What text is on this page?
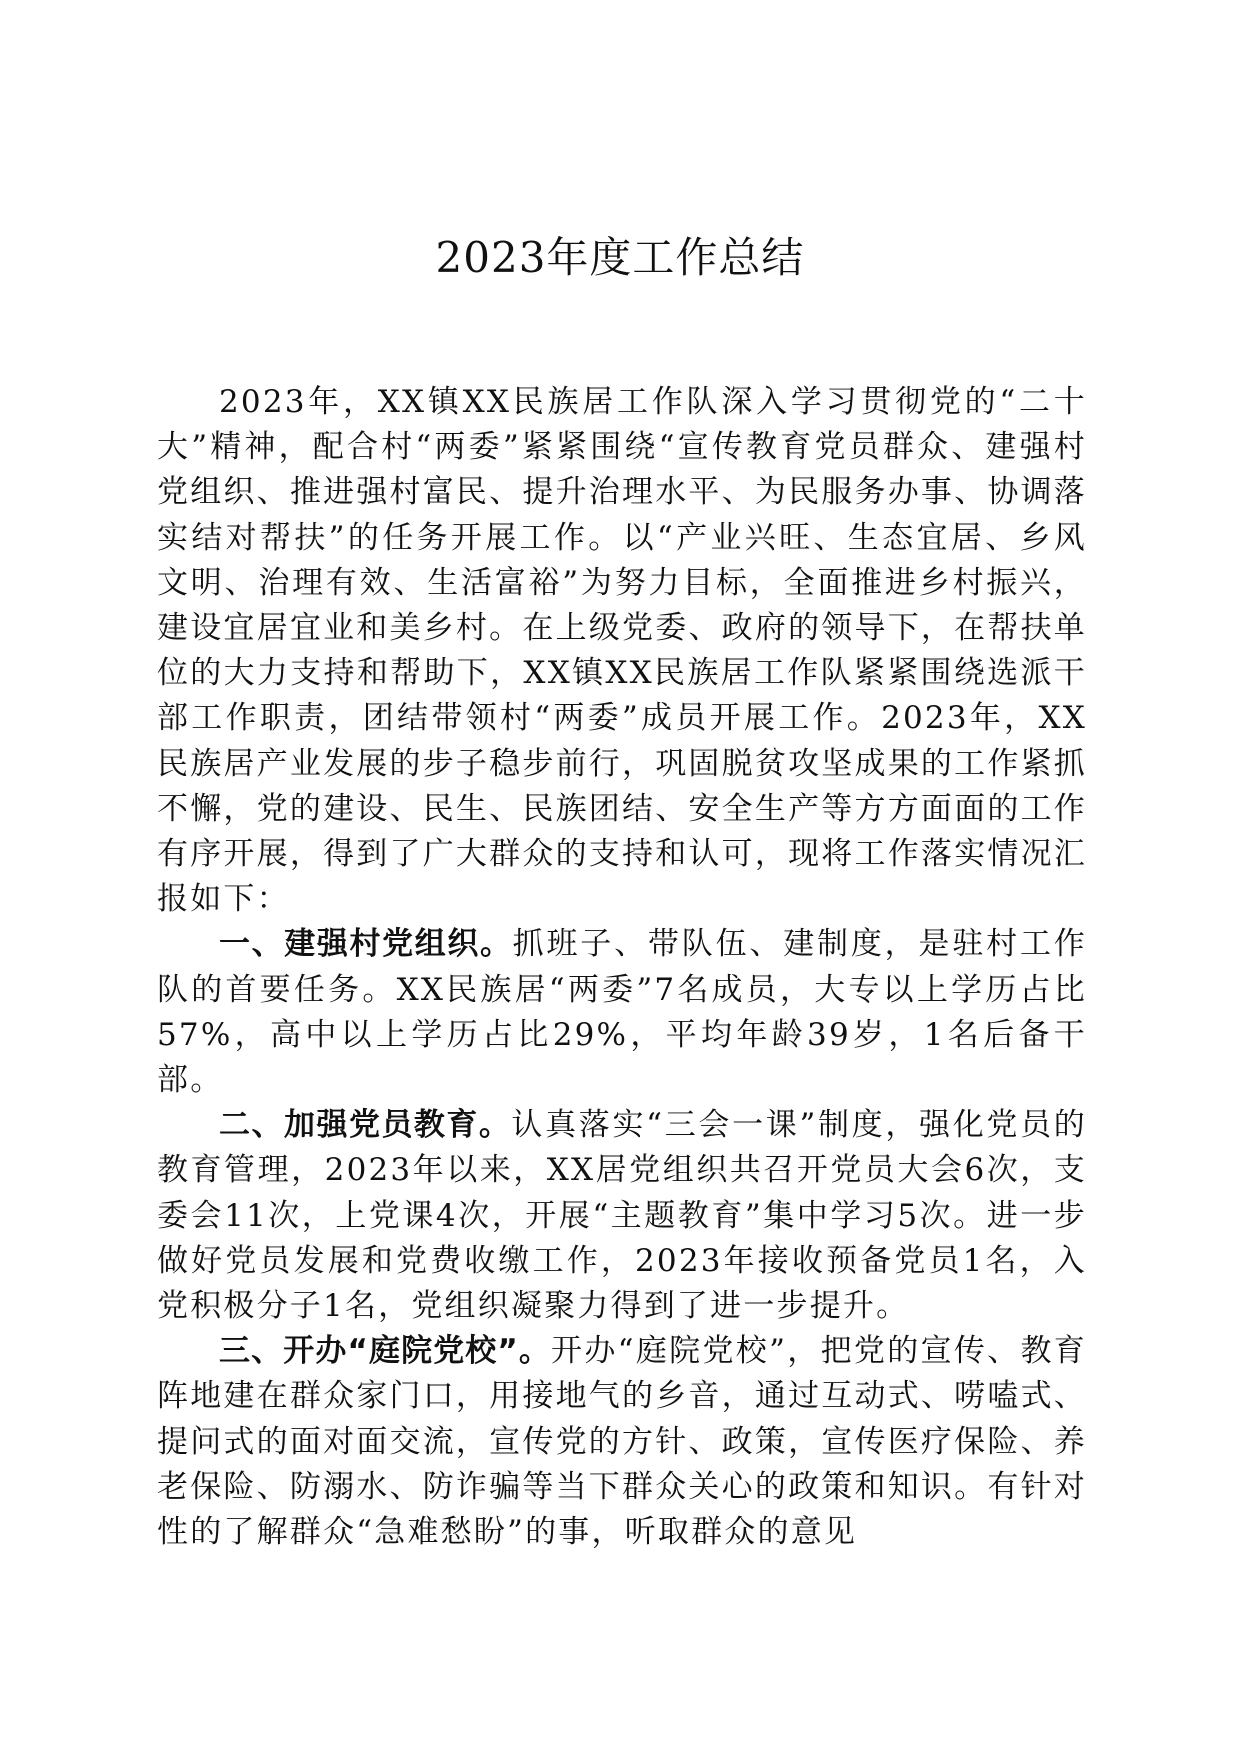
2023年度工作总结

2023年，XX镇XX民族居工作队深入学习贯彻党的“二十大”精神，配合村“两委”紧紧围绕“宣传教育党员群众、建强村党组织、推进强村富民、提升治理水平、为民服务办事、协调落实结对帮扶”的任务开展工作。以“产业兴旺、生态宜居、乡风文明、治理有效、生活富裕”为努力目标，全面推进乡村振兴，建设宜居宜业和美乡村。在上级党委、政府的领导下，在帮扶单位的大力支持和帮助下，XX镇XX民族居工作队紧紧围绕选派干部工作职责，团结带领村“两委”成员开展工作。2023年，XX民族居产业发展的步子稳步前行，巩固脱贫攻坚成果的工作紧抓不懈，党的建设、民生、民族团结、安全生产等方方面面的工作有序开展，得到了广大群众的支持和认可，现将工作落实情况汇报如下：

一、建强村党组织。抓班子、带队伍、建制度，是驻村工作队的首要任务。XX民族居“两委”7名成员，大专以上学历占比57%，高中以上学历占比29%，平均年龄39岁，1名后备干部。

二、加强党员教育。认真落实“三会一课”制度，强化党员的教育管理，2023年以来，XX居党组织共召开党员大会6次，支委会11次，上党课4次，开展“主题教育”集中学习5次。进一步做好党员发展和党费收缴工作，2023年接收预备党员1名，入党积极分子1名，党组织凝聚力得到了进一步提升。

三、开办“庭院党校”。开办“庭院党校”，把党的宣传、教育阵地建在群众家门口，用接地气的乡音，通过互动式、唠嗑式、提问式的面对面交流，宣传党的方针、政策，宣传医疗保险、养老保险、防溺水、防诈骗等当下群众关心的政策和知识。有针对性的了解群众“急难愁盼”的事，听取群众的意见
